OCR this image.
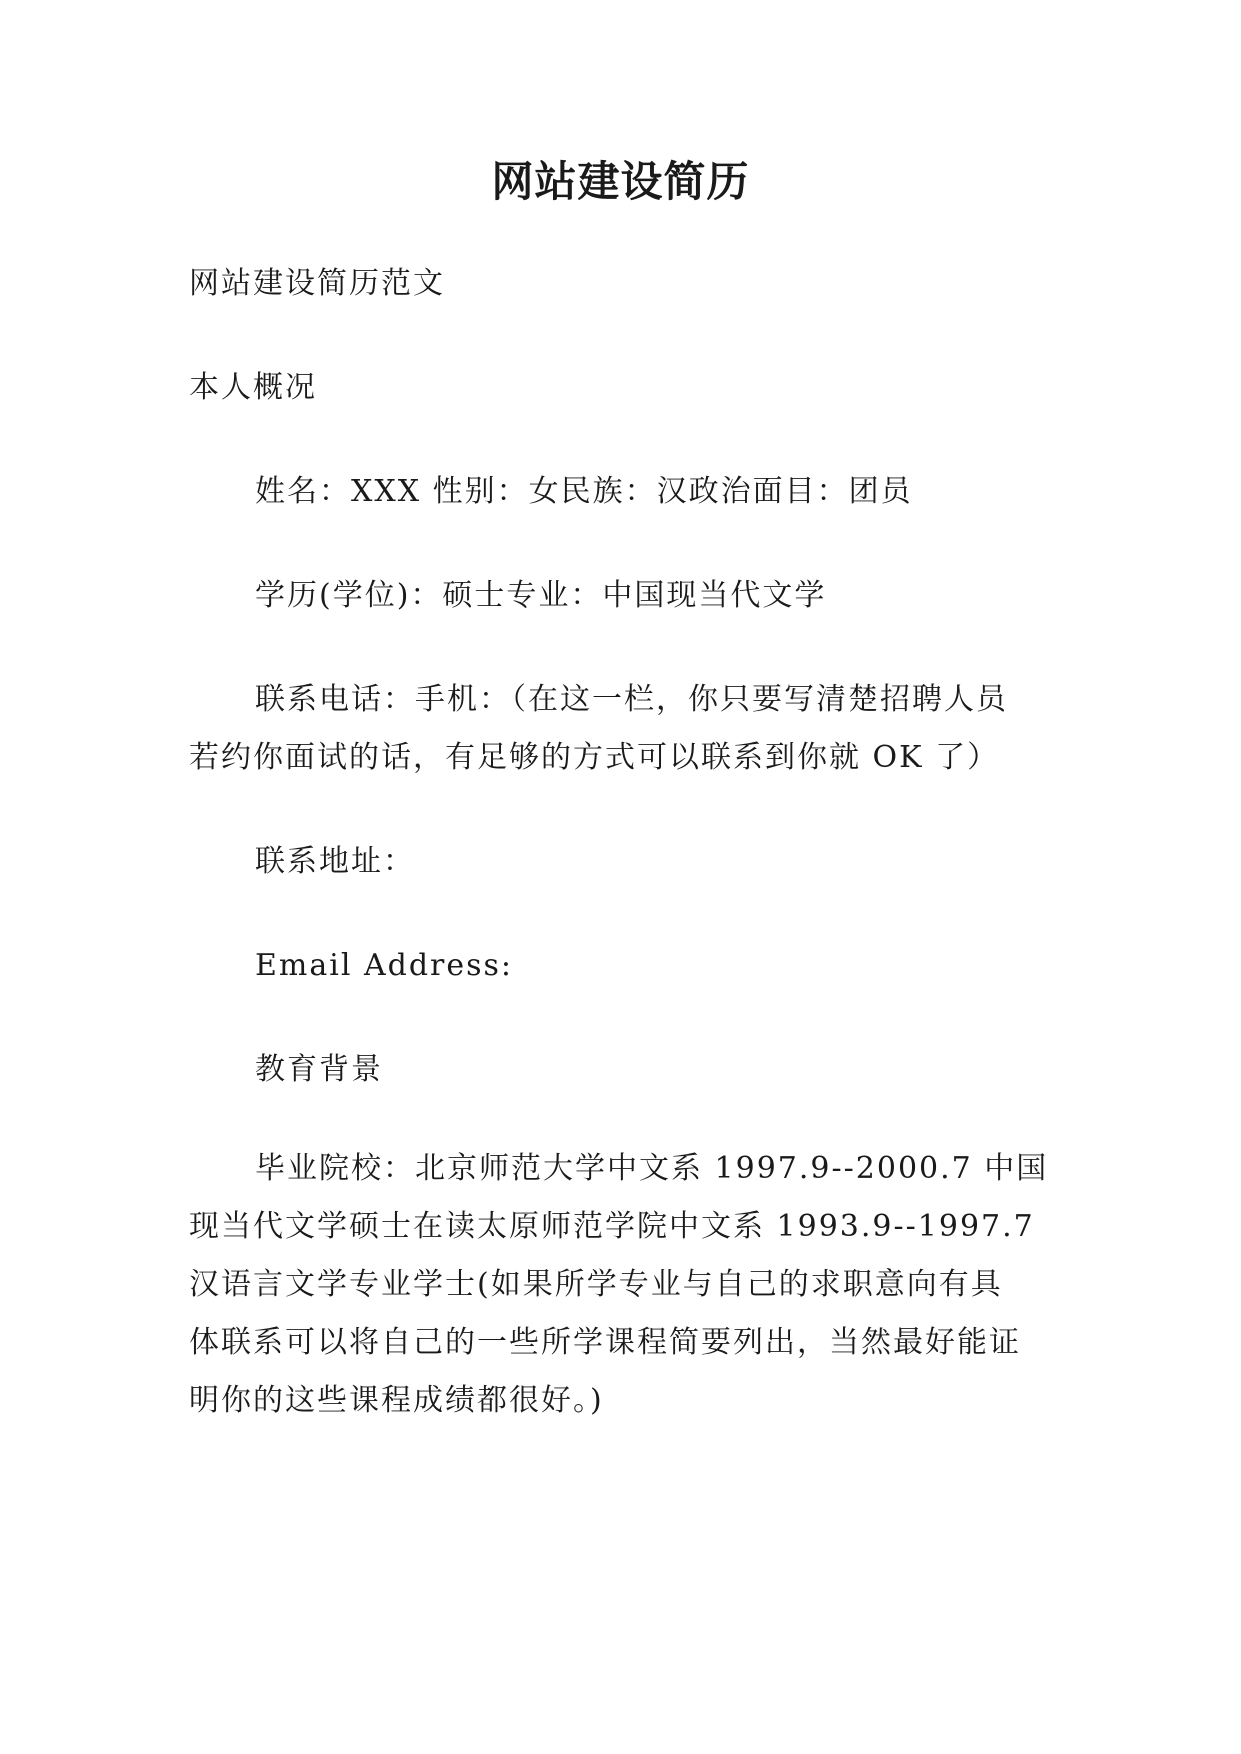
网站建设简历
网站建设简历范文
本人概况
姓名：XXX 性别：女民族：汉政治面目：团员
学历(学位)：硕士专业：中国现当代文学
联系电话：手机：（在这一栏，你只要写清楚招聘人员
若约你面试的话，有足够的方式可以联系到你就 OK 了）
联系地址：
Email Address:
教育背景
毕业院校：北京师范大学中文系 1997.9--2000.7 中国
现当代文学硕士在读太原师范学院中文系 1993.9--1997.7
汉语言文学专业学士(如果所学专业与自己的求职意向有具
体联系可以将自己的一些所学课程简要列出，当然最好能证
明你的这些课程成绩都很好。)
